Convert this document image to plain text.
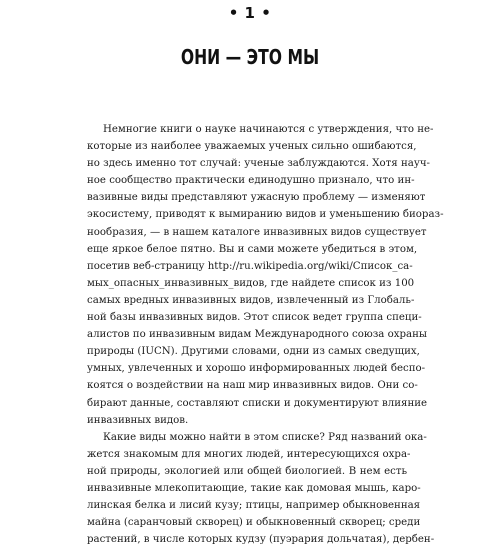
• 1 •
ОНИ — ЭТО МЫ
Немногие книги о науке начинаются с утверждения, что не-
которые из наиболее уважаемых ученых сильно ошибаются,
но здесь именно тот случай: ученые заблуждаются. Хотя науч-
ное сообщество практически единодушно признало, что ин-
вазивные виды представляют ужасную проблему — изменяют
экосистему, приводят к вымиранию видов и уменьшению биораз-
нообразия, — в нашем каталоге инвазивных видов существует
еще яркое белое пятно. Вы и сами можете убедиться в этом,
посетив веб-страницу http://ru.wikipedia.org/wiki/Список_са-
мых_опасных_инвазивных_видов, где найдете список из 100
самых вредных инвазивных видов, извлеченный из Глобаль-
ной базы инвазивных видов. Этот список ведет группа специ-
алистов по инвазивным видам Международного союза охраны
природы (IUCN). Другими словами, одни из самых сведущих,
умных, увлеченных и хорошо информированных людей беспо-
коятся о воздействии на наш мир инвазивных видов. Они со-
бирают данные, составляют списки и документируют влияние
инвазивных видов.
Какие виды можно найти в этом списке? Ряд названий ока-
жется знакомым для многих людей, интересующихся охра-
ной природы, экологией или общей биологией. В нем есть
инвазивные млекопитающие, такие как домовая мышь, каро-
линская белка и лисий кузу; птицы, например обыкновенная
майна (саранчовый скворец) и обыкновенный скворец; среди
растений, в числе которых кудзу (пуэрария дольчатая), дербен-
